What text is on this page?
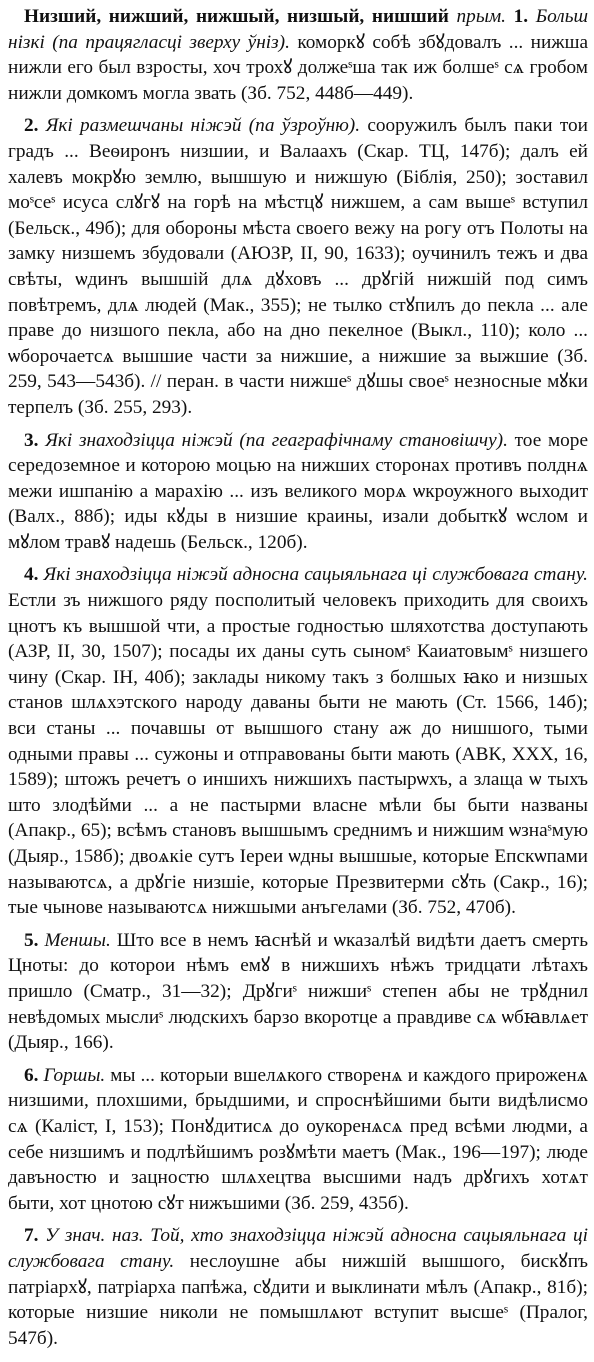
Низший, нижший, нижшый, низшый, нишший прым. 1. Больш нізкі (па працягласці зверху ўніз). коморкꙋ собѣ збꙋдовалъ ... нижша нижли его был взросты, хоч трохꙋ должеˢша так иж болшеˢ сѧ гробом нижли домкомъ могла звать (Зб. 752, 448б—449).

2. Які размешчаны ніжэй (па ўзроўню). сооружилъ былъ паки тои градъ ... Веѳиронъ низшии, и Валаахъ (Скар. ТЦ, 147б); далъ ей халевъ мокрꙋю землю, вышшую и нижшую (Біблія, 250); зоставил моˢсеˢ исуса слꙋгꙋ на горѣ на мѣстцꙋ нижшем, а сам вышеˢ вступил (Бельск., 49б); для обороны мѣста своего вежу на рогу отъ Полоты на замку низшемъ збудовали (АЮЗР, II, 90, 1633); оучинилъ тежъ и два свѣты, ѡдинъ вышшій длѧ дꙋховъ ... дрꙋгій нижшій под симъ повѣтремъ, длѧ людей (Мак., 355); не тылко стꙋпилъ до пекла ... але праве до низшого пекла, або на дно пекелное (Выкл., 110); коло ... ѡборочаетсѧ вышшие части за нижшие, а нижшие за выжшие (Зб. 259, 543—543б). // перан. в части нижшеˢ дꙋшы своеˢ незносные мꙋки терпелъ (Зб. 255, 293).

3. Які знаходзіцца ніжэй (па геаграфічнаму становішчу). тое море середоземное и которою моцью на нижших сторонах противъ полднѧ межи ишпанію а марахію ... изъ великого морѧ ѡкроужного выходит (Валх., 88б); иды кꙋды в низшие краины, изали добыткꙋ ѡслом и мꙋлом травꙋ надешь (Бельск., 120б).

4. Які знаходзіцца ніжэй адносна сацыяльнага ці службовага стану. Естли зъ нижшого ряду посполитый человекъ приходить для своихъ цнотъ къ вышшой чти, а простые годностью шляхотства доступають (АЗР, II, 30, 1507); посады их даны суть сыномˢ Каиатовымˢ низшего чину (Скар. IН, 40б); заклады никому такъ з болшых ꙗко и низшых станов шлѧхэтского народу даваны быти не мають (Ст. 1566, 14б); вси станы ... почавшы от вышшого стану аж до нишшого, тыми одными правы ... сужоны и отправованы быти мають (АВК, XXX, 16, 1589); штожъ речетъ о иншихъ нижшихъ пастырѡхъ, а злаща ѡ тыхъ што злодѣйми ... а не пастырми власне мѣли бы быти названы (Апакр., 65); всѣмъ становъ вышшымъ среднимъ и нижшим ѡзнаˢмую (Дыяр., 158б); двоѧкіе сутъ Iереи ѡдны вышшые, которые Епскѡпами называютсѧ, а дрꙋгіе низшіе, которые Презвитерми сꙋть (Сакр., 16); тые чынове называютсѧ нижшыми анъгелами (Зб. 752, 470б).

5. Меншы. Што все в немъ ꙗснѣй и ѡказалѣй видѣти даетъ смерть Цноты: до которои нѣмъ емꙋ в нижшихъ нѣжъ тридцати лѣтахъ пришло (Сматр., 31—32); Дрꙋгиˢ нижшиˢ степен абы не трꙋднил невѣдомых мыслиˢ людскихъ барзо вкоротце а правдиве сѧ ѡбꙗвлѧет (Дыяр., 166).

6. Горшы. мы ... которыи вшелѧкого створенѧ и каждого прироженѧ низшими, плохшими, брыдшими, и спроснѣйшими быти видѣлисмо сѧ (Каліст, I, 153); Понꙋдитисѧ до оукоренѧсѧ пред всѣми людми, а себе низшимъ и подлѣйшимъ розꙋмѣти маетъ (Мак., 196—197); люде давъностю и зацностю шлѧхецтва высшими надъ дрꙋгихъ хотѧт быти, хот цнотою сꙋт нижъшими (Зб. 259, 435б).

7. У знач. наз. Той, хто знаходзіцца ніжэй адносна сацыяльнага ці службовага стану. неслоушне абы нижшій вышшого, бискꙋпъ патріархꙋ, патріарха папѣжа, сꙋдити и выклинати мѣлъ (Апакр., 81б); которые низшие николи не помышлѧют вступит высшеˢ (Пралог, 547б).
